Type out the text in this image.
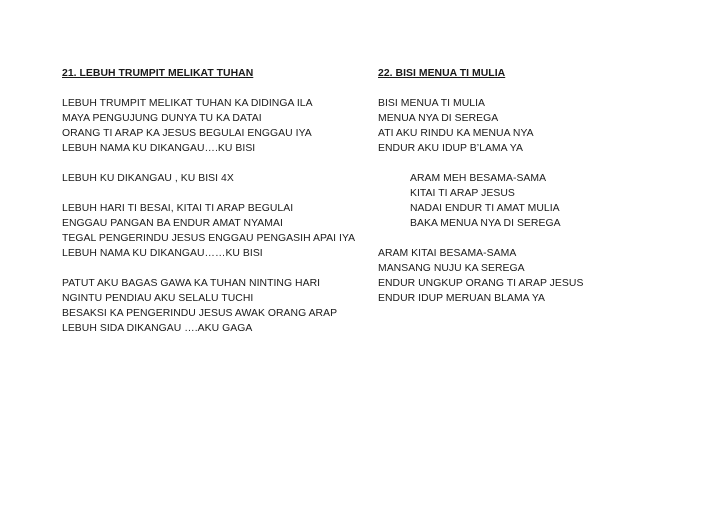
21. LEBUH TRUMPIT MELIKAT TUHAN
LEBUH TRUMPIT MELIKAT TUHAN KA DIDINGA ILA
MAYA PENGUJUNG DUNYA TU KA DATAI
ORANG TI ARAP KA JESUS BEGULAI ENGGAU IYA
LEBUH NAMA KU DIKANGAU….KU BISI
LEBUH KU DIKANGAU , KU BISI 4X
LEBUH HARI TI BESAI, KITAI TI ARAP BEGULAI
ENGGAU PANGAN BA ENDUR AMAT NYAMAI
TEGAL PENGERINDU JESUS ENGGAU PENGASIH APAI IYA
LEBUH NAMA KU DIKANGAU……KU BISI
PATUT AKU BAGAS GAWA KA TUHAN NINTING HARI
NGINTU PENDIAU AKU SELALU TUCHI
BESAKSI KA PENGERINDU JESUS AWAK ORANG ARAP
LEBUH SIDA DIKANGAU ….AKU GAGA
22. BISI MENUA TI MULIA
BISI MENUA TI MULIA
MENUA NYA DI SEREGA
ATI AKU RINDU KA MENUA NYA
ENDUR AKU IDUP B’LAMA YA
ARAM MEH BESAMA-SAMA
KITAI TI ARAP JESUS
NADAI ENDUR TI AMAT MULIA
BAKA MENUA NYA DI SEREGA
ARAM KITAI BESAMA-SAMA
MANSANG NUJU KA SEREGA
ENDUR UNGKUP ORANG TI ARAP JESUS
ENDUR IDUP MERUAN BLAMA YA
